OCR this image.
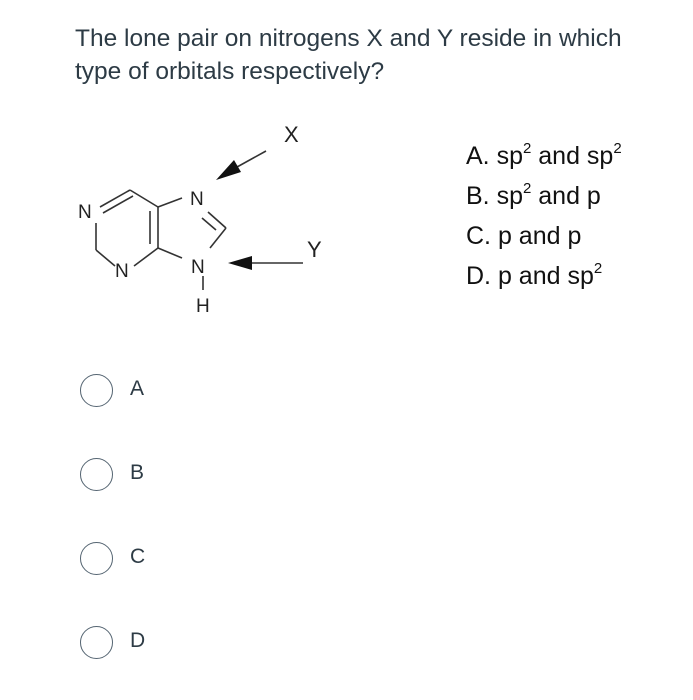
The lone pair on nitrogens X and Y reside in which type of orbitals respectively?
N
N
N	N
H
X
Y
A. $sp^2$ and $sp^2$
B. $sp^2$ and p
C. p and p
D. p and $sp^2$
A
B
C
D
